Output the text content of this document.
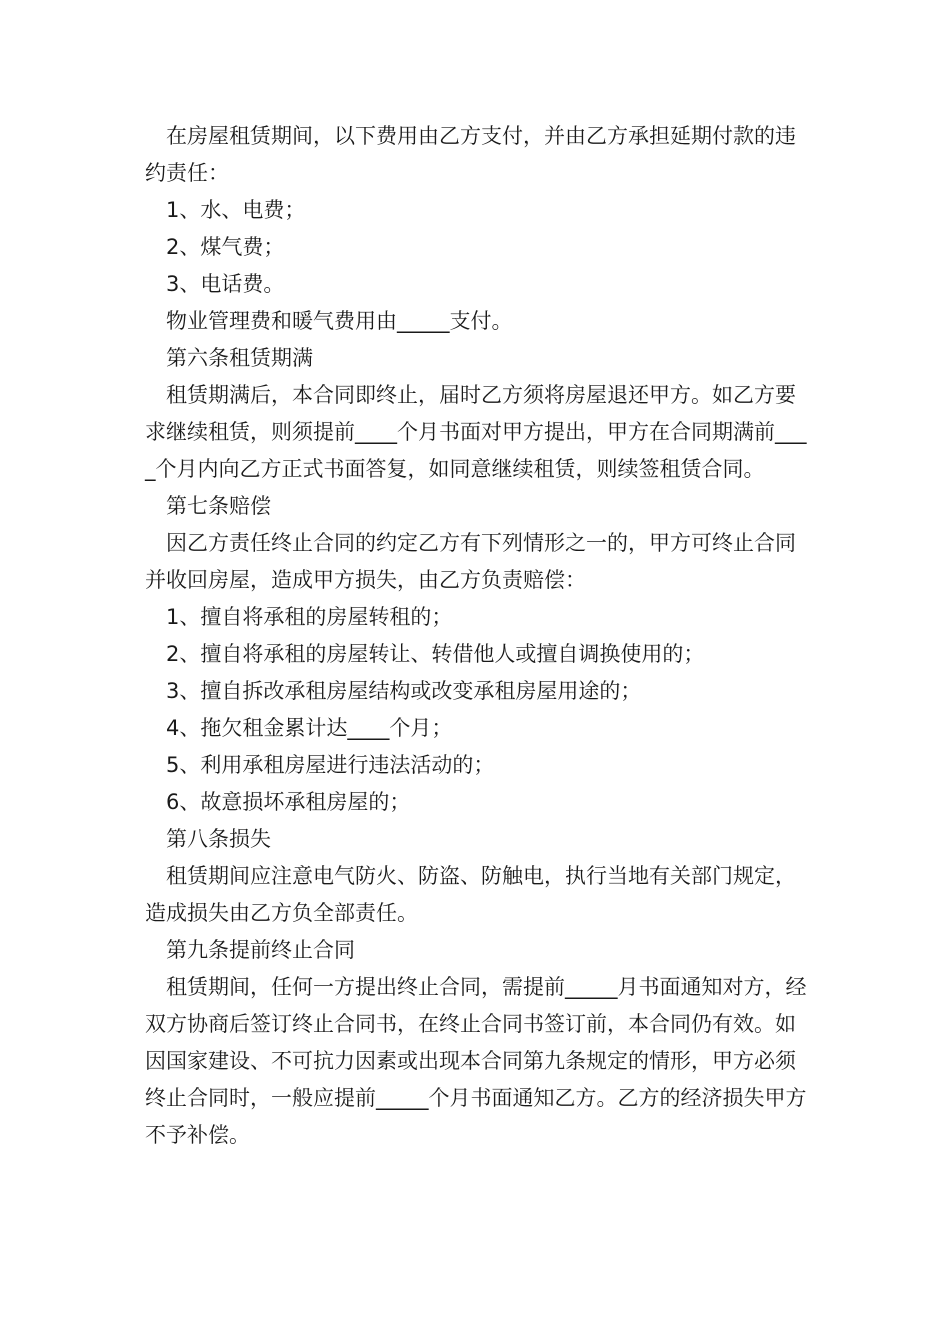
在房屋租赁期间，以下费用由乙方支付，并由乙方承担延期付款的违约责任：

1、水、电费；

2、煤气费；

3、电话费。

物业管理费和暖气费用由_____支付。

第六条租赁期满

租赁期满后，本合同即终止，届时乙方须将房屋退还甲方。如乙方要求继续租赁，则须提前____个月书面对甲方提出，甲方在合同期满前____个月内向乙方正式书面答复，如同意继续租赁，则续签租赁合同。

第七条赔偿

因乙方责任终止合同的约定乙方有下列情形之一的，甲方可终止合同并收回房屋，造成甲方损失，由乙方负责赔偿：

1、擅自将承租的房屋转租的；

2、擅自将承租的房屋转让、转借他人或擅自调换使用的；

3、擅自拆改承租房屋结构或改变承租房屋用途的；

4、拖欠租金累计达____个月；

5、利用承租房屋进行违法活动的；

6、故意损坏承租房屋的；

第八条损失

租赁期间应注意电气防火、防盗、防触电，执行当地有关部门规定，造成损失由乙方负全部责任。

第九条提前终止合同

租赁期间，任何一方提出终止合同，需提前_____月书面通知对方，经双方协商后签订终止合同书，在终止合同书签订前，本合同仍有效。如因国家建设、不可抗力因素或出现本合同第九条规定的情形，甲方必须终止合同时，一般应提前_____个月书面通知乙方。乙方的经济损失甲方不予补偿。
